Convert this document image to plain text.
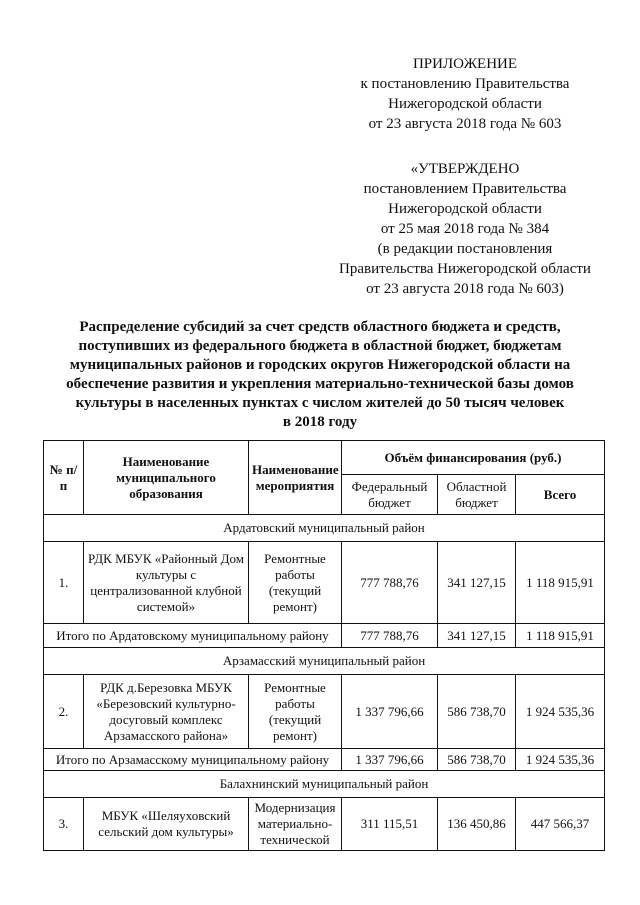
ПРИЛОЖЕНИЕ
к постановлению Правительства
Нижегородской области
от 23 августа 2018 года № 603
«УТВЕРЖДЕНО
постановлением Правительства
Нижегородской области
от 25 мая 2018 года № 384
(в редакции постановления
Правительства Нижегородской области
от 23 августа 2018 года № 603)
Распределение субсидий за счет средств областного бюджета и средств,
поступивших из федерального бюджета в областной бюджет, бюджетам
муниципальных районов и городских округов Нижегородской области на
обеспечение развития и укрепления материально-технической базы домов
культуры в населенных пунктах с числом жителей до 50 тысяч человек
в 2018 году
№ п/п	Наименование муниципального образования	Наименование мероприятия	Объём финансирования (руб.)		
			Федеральный бюджет	Областной бюджет	Всего
Ардатовский муниципальный район					
1.	РДК МБУК «Районный Дом культуры с централизованной клубной системой»	Ремонтные работы (текущий ремонт)	777 788,76	341 127,15	1 118 915,91
Итого по Ардатовскому муниципальному району			777 788,76	341 127,15	1 118 915,91
Арзамасский муниципальный район					
2.	РДК д.Березовка МБУК «Березовский культурно-досуговый комплекс Арзамасского района»	Ремонтные работы (текущий ремонт)	1 337 796,66	586 738,70	1 924 535,36
Итого по Арзамасскому муниципальному району			1 337 796,66	586 738,70	1 924 535,36
Балахнинский муниципальный район					
3.	МБУК «Шеляуховский сельский дом культуры»	Модернизация материально-технической	311 115,51	136 450,86	447 566,37
